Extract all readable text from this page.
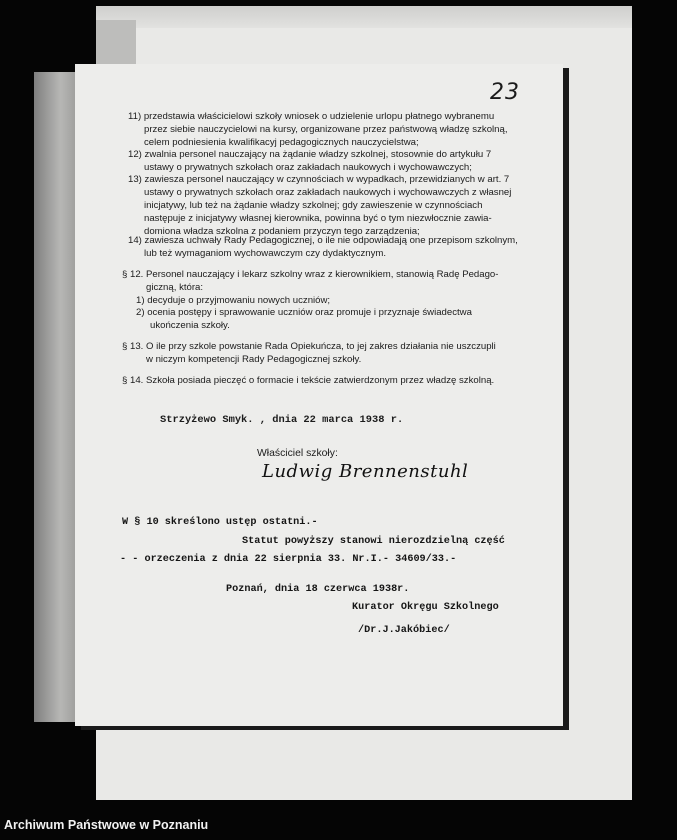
23
11) przedstawia właścicielowi szkoły wniosek o udzielenie urlopu płatnego wybranemu
przez siebie nauczycielowi na kursy, organizowane przez państwową władzę szkolną,
celem podniesienia kwalifikacyj pedagogicznych nauczycielstwa;
12) zwalnia personel nauczający na żądanie władzy szkolnej, stosownie do artykułu 7
ustawy o prywatnych szkołach oraz zakładach naukowych i wychowawczych;
13) zawiesza personel nauczający w czynnościach w wypadkach, przewidzianych w art. 7
ustawy o prywatnych szkołach oraz zakładach naukowych i wychowawczych z własnej
inicjatywy, lub też na żądanie władzy szkolnej; gdy zawieszenie w czynnościach
następuje z inicjatywy własnej kierownika, powinna być o tym niezwłocznie zawia-
domiona władza szkolna z podaniem przyczyn tego zarządzenia;
14) zawiesza uchwały Rady Pedagogicznej, o ile nie odpowiadają one przepisom szkolnym,
lub też wymaganiom wychowawczym czy dydaktycznym.
§ 12. Personel nauczający i lekarz szkolny wraz z kierownikiem, stanowią Radę Pedago-
giczną, która:
1) decyduje o przyjmowaniu nowych uczniów;
2) ocenia postępy i sprawowanie uczniów oraz promuje i przyznaje świadectwa
ukończenia szkoły.
§ 13. O ile przy szkole powstanie Rada Opiekuńcza, to jej zakres działania nie uszczupli
w niczym kompetencji Rady Pedagogicznej szkoły.
§ 14. Szkoła posiada pieczęć o formacie i tekście zatwierdzonym przez władzę szkolną.
W § 10 skreślono ustęp ostatni.-
Statut powyższy stanowi nierozdzielną część
- - orzeczenia z dnia 22 sierpnia 33. Nr.I.- 34609/33.-
Poznań, dnia 18 czerwca 1938r.
Kurator Okręgu Szkolnego
/Dr.J.Jakóbiec/
Strzyżewo Smyk. , dnia 22 marca 1938 r.
Właściciel szkoły:
Ludwig Brennenstuhl
Archiwum Państwowe w Poznaniu
